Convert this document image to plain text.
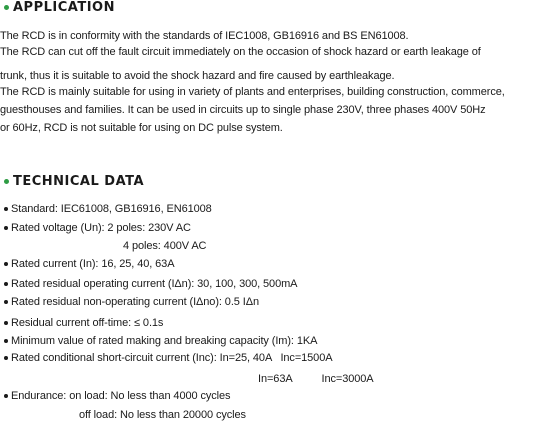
APPLICATION
The RCD is in conformity with the standards of IEC1008, GB16916 and BS EN61008.
The RCD can cut off the fault circuit immediately on the occasion of shock hazard or earth leakage of
trunk, thus it is suitable to avoid the shock hazard and fire caused by earthleakage.
The RCD is mainly suitable for using in variety of plants and enterprises, building construction, commerce,
guesthouses and families. It can be used in circuits up to single phase 230V, three phases 400V 50Hz
or 60Hz, RCD is not suitable for using on DC pulse system.
TECHNICAL DATA
Standard: IEC61008, GB16916, EN61008
Rated voltage (Un): 2 poles: 230V AC
4 poles: 400V AC
Rated current (In): 16, 25, 40, 63A
Rated residual operating current (IΔn): 30, 100, 300, 500mA
Rated residual non-operating current (IΔno): 0.5 IΔn
Residual current off-time: ≤ 0.1s
Minimum value of rated making and breaking capacity (Im): 1KA
Rated conditional short-circuit current (Inc): In=25, 40A   Inc=1500A
In=63A          Inc=3000A
Endurance: on load: No less than 4000 cycles
off load: No less than 20000 cycles
